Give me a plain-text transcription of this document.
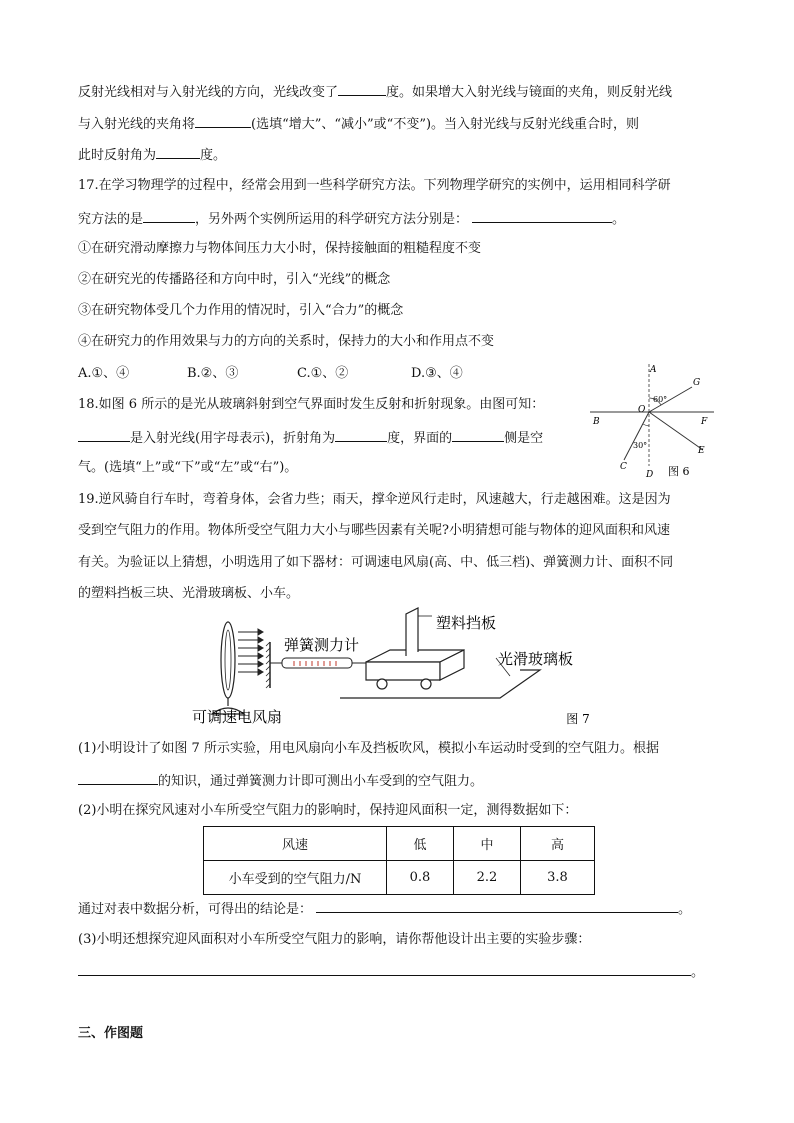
反射光线相对与入射光线的方向，光线改变了	度。如果增大入射光线与镜面的夹角，则反射光线
与入射光线的夹角将	(选填“增大”、“减小”或“不变”)。当入射光线与反射光线重合时，则
此时反射角为	度。
17.在学习物理学的过程中，经常会用到一些科学研究方法。下列物理学研究的实例中，运用相同科学研
究方法的是	，另外两个实例所运用的科学研究方法分别是：	。
①在研究滑动摩擦力与物体间压力大小时，保持接触面的粗糙程度不变
②在研究光的传播路径和方向中时，引入“光线”的概念
③在研究物体受几个力作用的情况时，引入“合力”的概念
④在研究力的作用效果与力的方向的关系时，保持力的大小和作用点不变
A.①、④	B.②、③	C.①、②	D.③、④
18.如图 6 所示的是光从玻璃斜射到空气界面时发生反射和折射现象。由图可知：
是入射光线(用字母表示)，折射角为	度，界面的	侧是空
气。(选填“上”或“下”或“左”或“右”)。
A
G
O
60°
B	F
30°
E
C
D 图 6
19.逆风骑自行车时，弯着身体，会省力些；雨天，撑伞逆风行走时，风速越大，行走越困难。这是因为
受到空气阻力的作用。物体所受空气阻力大小与哪些因素有关呢?小明猜想可能与物体的迎风面积和风速
有关。为验证以上猜想，小明选用了如下器材：可调速电风扇(高、中、低三档)、弹簧测力计、面积不同
的塑料挡板三块、光滑玻璃板、小车。
弹簧测力计
塑料挡板
光滑玻璃板
可调速电风扇	图 7
(1)小明设计了如图 7 所示实验，用电风扇向小车及挡板吹风，模拟小车运动时受到的空气阻力。根据
的知识，通过弹簧测力计即可测出小车受到的空气阻力。
(2)小明在探究风速对小车所受空气阻力的影响时，保持迎风面积一定，测得数据如下：
风速	低	中	高
小车受到的空气阻力/N	0.8	2.2	3.8
通过对表中数据分析，可得出的结论是：	。
(3)小明还想探究迎风面积对小车所受空气阻力的影响，请你帮他设计出主要的实验步骤：
。
三、作图题
